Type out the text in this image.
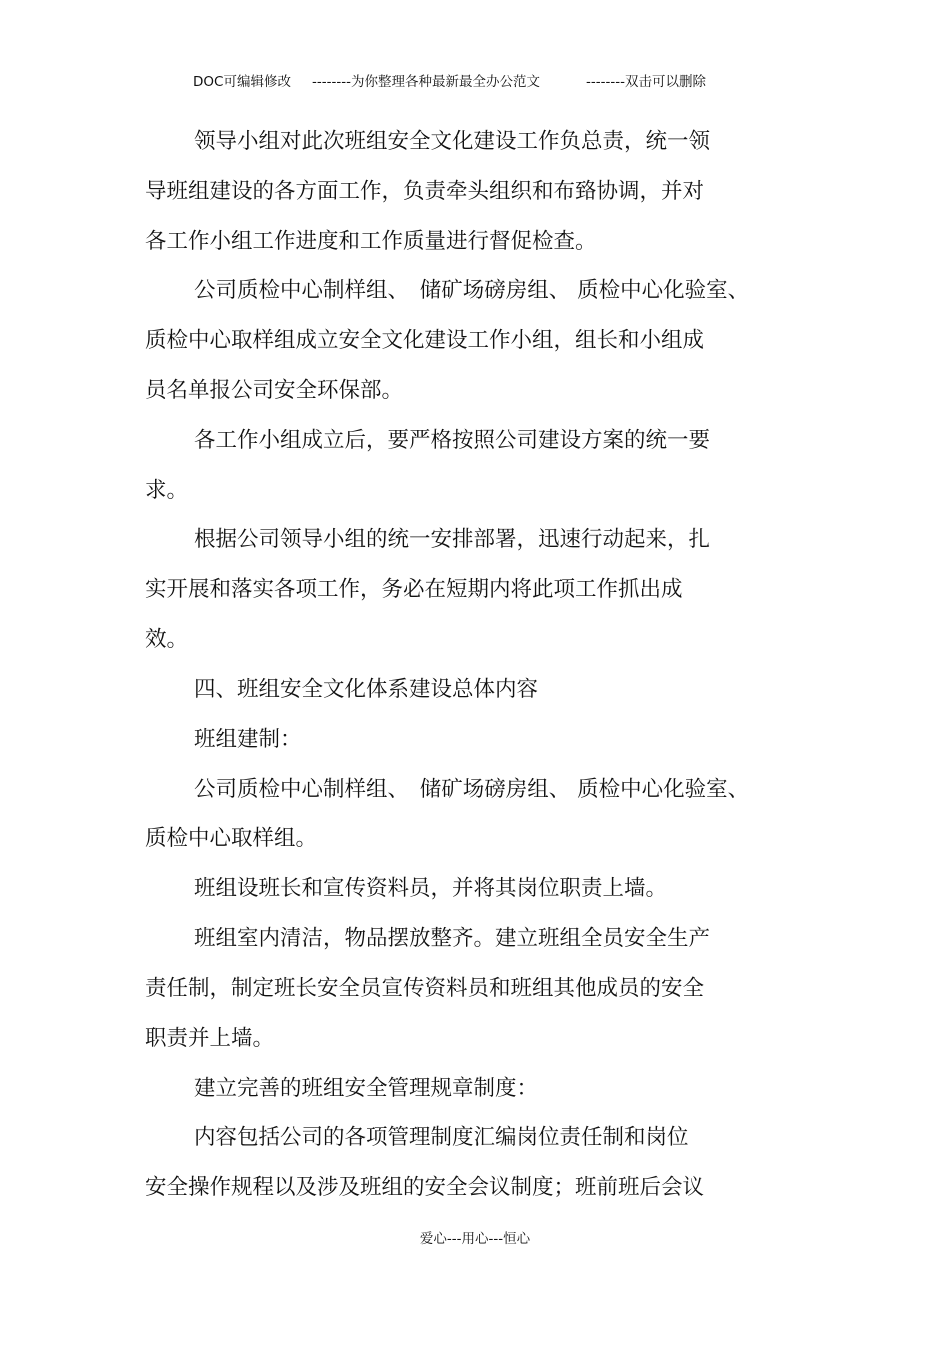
DOC可编辑修改 --------为你整理各种最新最全办公范文	--------双击可以删除
领导小组对此次班组安全文化建设工作负总责，统一领
导班组建设的各方面工作，负责牵头组织和布臵协调，并对
各工作小组工作进度和工作质量进行督促检查。
公司质检中心制样组、　储矿场磅房组、 质检中心化验室、
质检中心取样组成立安全文化建设工作小组，组长和小组成
员名单报公司安全环保部。
各工作小组成立后，要严格按照公司建设方案的统一要
求。
根据公司领导小组的统一安排部署，迅速行动起来，扎
实开展和落实各项工作，务必在短期内将此项工作抓出成
效。
四、班组安全文化体系建设总体内容
班组建制：
公司质检中心制样组、　储矿场磅房组、 质检中心化验室、
质检中心取样组。
班组设班长和宣传资料员，并将其岗位职责上墙。
班组室内清洁，物品摆放整齐。建立班组全员安全生产
责任制，制定班长安全员宣传资料员和班组其他成员的安全
职责并上墙。
建立完善的班组安全管理规章制度：
内容包括公司的各项管理制度汇编岗位责任制和岗位
安全操作规程以及涉及班组的安全会议制度；班前班后会议
爱心---用心---恒心
